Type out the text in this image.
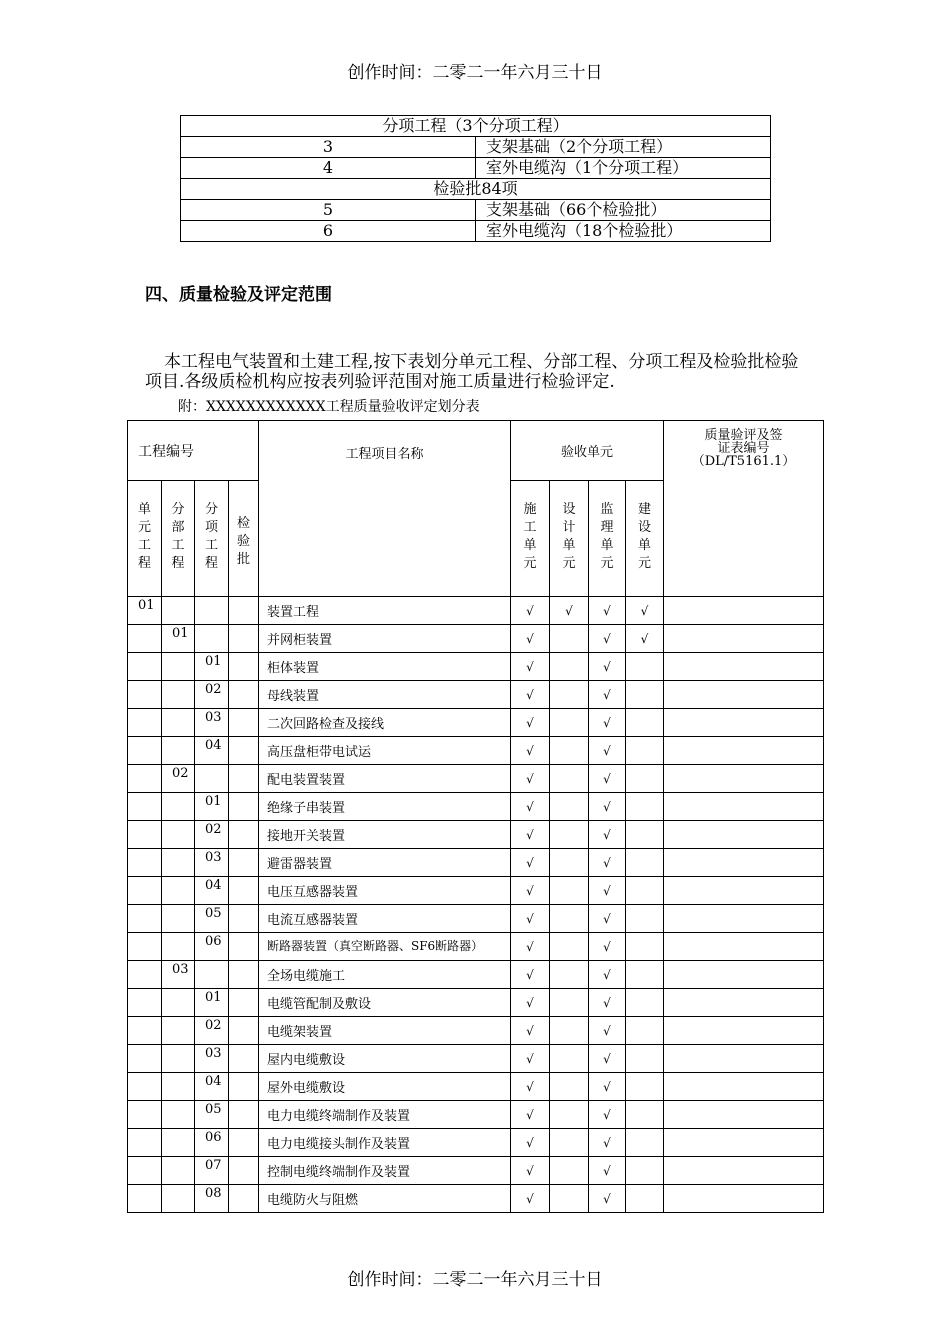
创作时间：二零二一年六月三十日
分项工程（3个分项工程）	
3	支架基础（2个分项工程）
4	室外电缆沟（1个分项工程）
检验批84项	
5	支架基础（66个检验批）
6	室外电缆沟（18个检验批）
四、质量检验及评定范围
本工程电气装置和土建工程,按下表划分单元工程、分部工程、分项工程及检验批检验项目.各级质检机构应按表列验评范围对施工质量进行检验评定.
附：XXXXXXXXXXXX工程质量验收评定划分表
工程编号				工程项目名称	验收单元				质量验评及签证表编号
（DL/T5161.1）

单元工程	分部工程	分项工程	检验批		施工单元	设计单元	监理单元	建设单元	
01				装置工程	√	√	√	√	
	01			并网柜装置	√		√	√	
		01		柜体装置	√		√		
		02		母线装置	√		√		
		03		二次回路检查及接线	√		√		
		04		高压盘柜带电试运	√		√		
	02			配电装置装置	√		√		
		01		绝缘子串装置	√		√		
		02		接地开关装置	√		√		
		03		避雷器装置	√		√		
		04		电压互感器装置	√		√		
		05		电流互感器装置	√		√		
		06		断路器装置（真空断路器、SF6断路器）	√		√		
	03			全场电缆施工	√		√		
		01		电缆管配制及敷设	√		√		
		02		电缆架装置	√		√		
		03		屋内电缆敷设	√		√		
		04		屋外电缆敷设	√		√		
		05		电力电缆终端制作及装置	√		√		
		06		电力电缆接头制作及装置	√		√		
		07		控制电缆终端制作及装置	√		√		
		08		电缆防火与阻燃	√		√		
创作时间：二零二一年六月三十日
